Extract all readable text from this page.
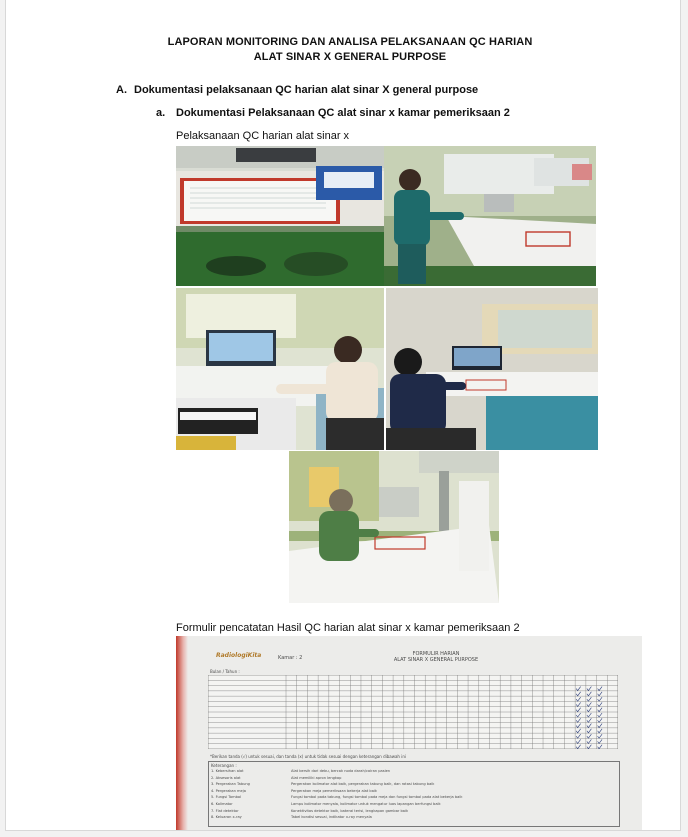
LAPORAN MONITORING DAN ANALISA PELAKSANAAN QC HARIAN
ALAT SINAR X GENERAL PURPOSE
A. Dokumentasi pelaksanaan QC harian alat sinar X general purpose
a. Dokumentasi Pelaksanaan QC alat sinar x kamar pemeriksaan 2
Pelaksanaan QC harian alat sinar x
Formulir pencatatan Hasil QC harian alat sinar x kamar pemeriksaan 2
RadiologiKita	Kamar : 2
FORMULIR HARIAN
ALAT SINAR X GENERAL PURPOSE
Bulan / Tahun :
*Berikan tanda (√) untuk sesuai, dan tanda (x) untuk tidak sesuai dengan keterangan dibawah ini
Keterangan :
1. Kebersihan alat	Alat bersih dari debu, bercak noda darah/cairan pasien
2. Aksesoris alat	Alat memiliki apron lengkap
3. Pergerakan Tabung	Pergerakan kolimator alat baik, pergerakan tabung baik, dan rotasi tabung baik
4. Pergerakan meja	Pergerakan meja pemeriksaan bekerja alat baik
5. Fungsi Tombol	Fungsi tombol pada tabung, fungsi tombol pada meja dan fungsi tombol pada alat bekerja baik
6. Kolimator	Lampu kolimator menyala, kolimator untuk mengatur luas lapangan berfungsi baik
7. Flat detektor	Konektivitas detektor baik, baterai terisi, lengkapan gambar baik
8. Keluaran x-ray	Tabel kondisi sesuai, indikator x-ray menyala
